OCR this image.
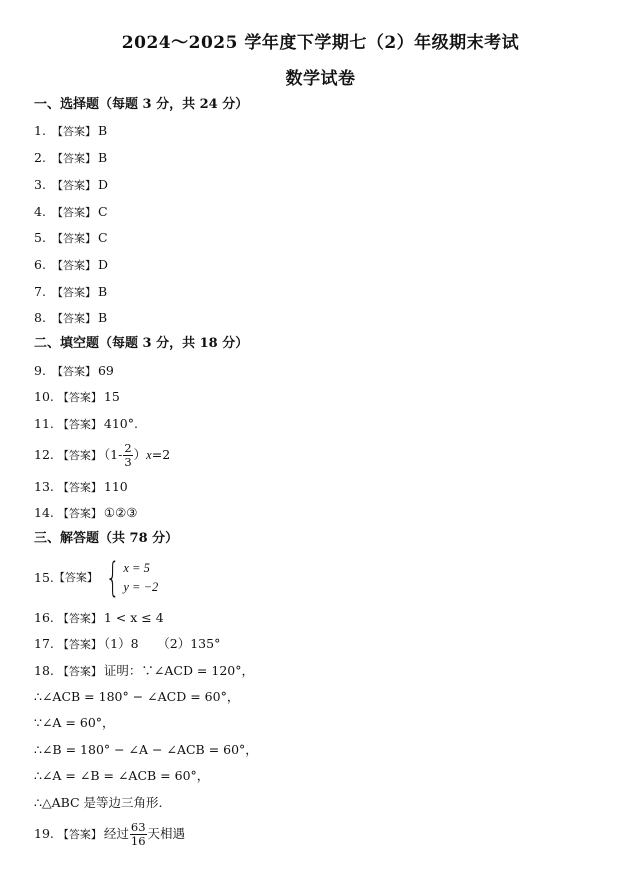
2024～2025 学年度下学期七（2）年级期末考试
数学试卷
一、选择题（每题 3 分，共 24 分）
1. 【答案】 B
2. 【答案】 B
3. 【答案】 D
4. 【答案】 C
5. 【答案】 C
6. 【答案】 D
7. 【答案】 B
8. 【答案】 B
二、填空题（每题 3 分，共 18 分）
9. 【答案】 69
10. 【答案】 15
11. 【答案】 410°.
12. 【答案】 $(1- \frac{2}{3} )x=2$
13. 【答案】 110
14. 【答案】 ①②③
三、解答题（共 78 分）
15. 【答案】 { x = 5
y = −2
16. 【答案】 1 < x ≤ 4
17. 【答案】 （1）8　　（2）135°
18. 【答案】 证明：∵∠ACD = 120°，
∴∠ACB = 180° − ∠ACD = 60°，
∵∠A = 60°，
∴∠B = 180° − ∠A − ∠ACB = 60°，
∴∠A = ∠B = ∠ACB = 60°，
∴△ABC 是等边三角形.
19. 【答案】 经过 $\frac{63}{16}$ 天相遇
